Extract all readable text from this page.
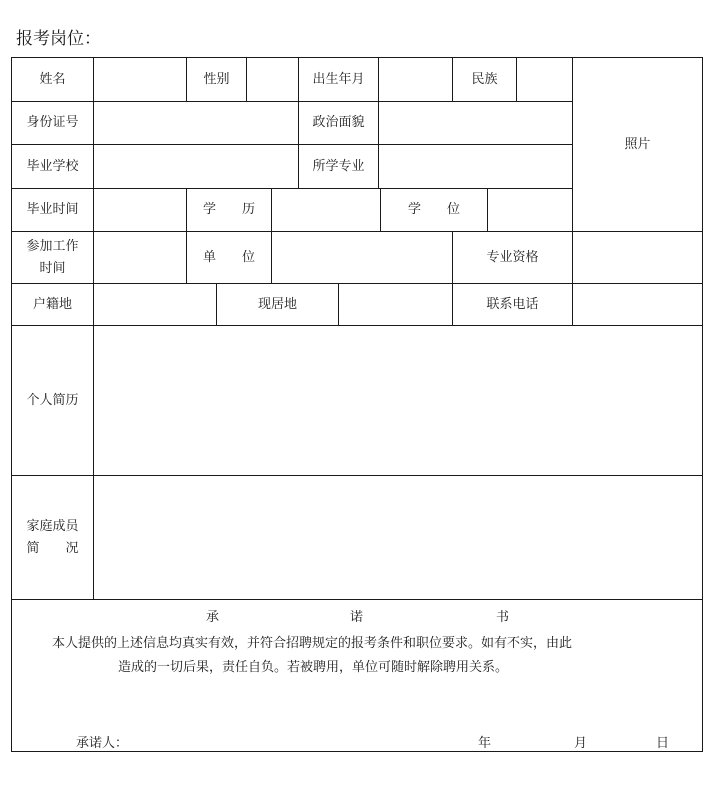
报考岗位：
姓名	性别	出生年月	民族
照片
身份证号	政治面貌
毕业学校	所学专业
毕业时间	学　　历	学　　位
参加工作
时间
单　　位	专业资格
户籍地	现居地	联系电话
个人简历
家庭成员
简　　况
承	诺	书
本人提供的上述信息均真实有效，并符合招聘规定的报考条件和职位要求。如有不实，由此
造成的一切后果，责任自负。若被聘用，单位可随时解除聘用关系。
承诺人：	年	月	日
